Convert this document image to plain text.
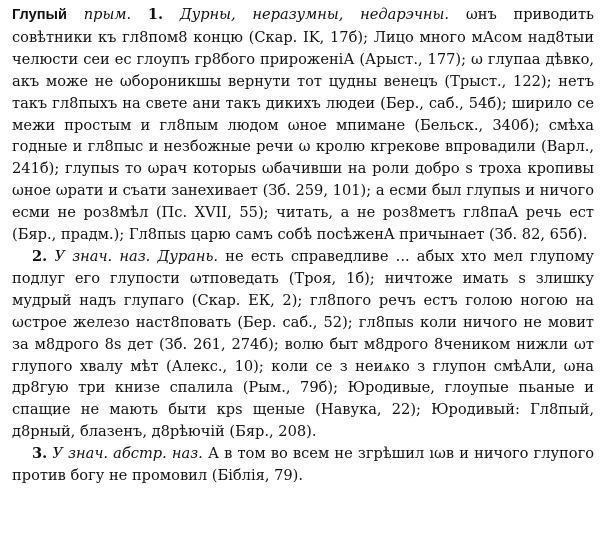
Глупый прым. 1. Дурны, неразумны, недарэчны. ωнъ приводить совѣтники къ гл8пом8 концю (Скар. IK, 17б); Лицо много мАсом над8тыи челюсти сеи ес глоупъ гр8бого прироженіА (Арыст., 177); ω глупаa дѣвко, aкъ може не ωбороникшы вернути тот цудны венецъ (Трыст., 122); нетъ такъ гл8пыхъ на свете ани такъ дикихъ людеи (Бер., саб., 54б); ширило се межи простым и гл8пым людом ωное мпимане (Бельск., 340б); смѣха годные и гл8пыс и незбожные речи ω кролю кгрекове впровадили (Варл., 241б); глупыs то ωрач которыs ωбачивши на роли добро s троха кропивы ωное ωрати и съaти занехиваeт (Зб. 259, 101); a есми был глупыs и ничого есми не роз8мѣл (Пс. XVII, 55); читать, а не роз8метъ гл8паA речь ест (Бяр., прадм.); Гл8пыs царю самъ собѣ посѣженA причынaет (Зб. 82, 65б).

2. У знач. наз. Дурань. не есть справедливе ... абых хто мел глупому подлуг его глупости ωтповедать (Троя, 1б); ничтоже имать s злишку мудрый надъ глупаго (Скар. ЕК, 2); гл8пого речъ естъ голою ногою на ωстрое железо наст8повать (Бер. саб., 52); гл8пыs коли ничого не мовит за м8дрого 8s дет (Зб. 261, 274б); волю быт м8дрого 8ченикoм нижли ωт глупого хвалу мѣт (Алекс., 10); коли се з неиѧко з глупон смѣAли, ωна др8гую три книзе спалила (Рым., 79б); Юродивые, глоупые пьaные и спaщие не мають быти крs щеные (Навука, 22); Юродивый: Гл8пый, д8рный, блазенъ, д8рѣючій (Бяр., 208).

3. У знач. абстр. наз. А в том во всем не згрѣшил ıωв и ничого глупого против богу не промовил (Біблія, 79).
